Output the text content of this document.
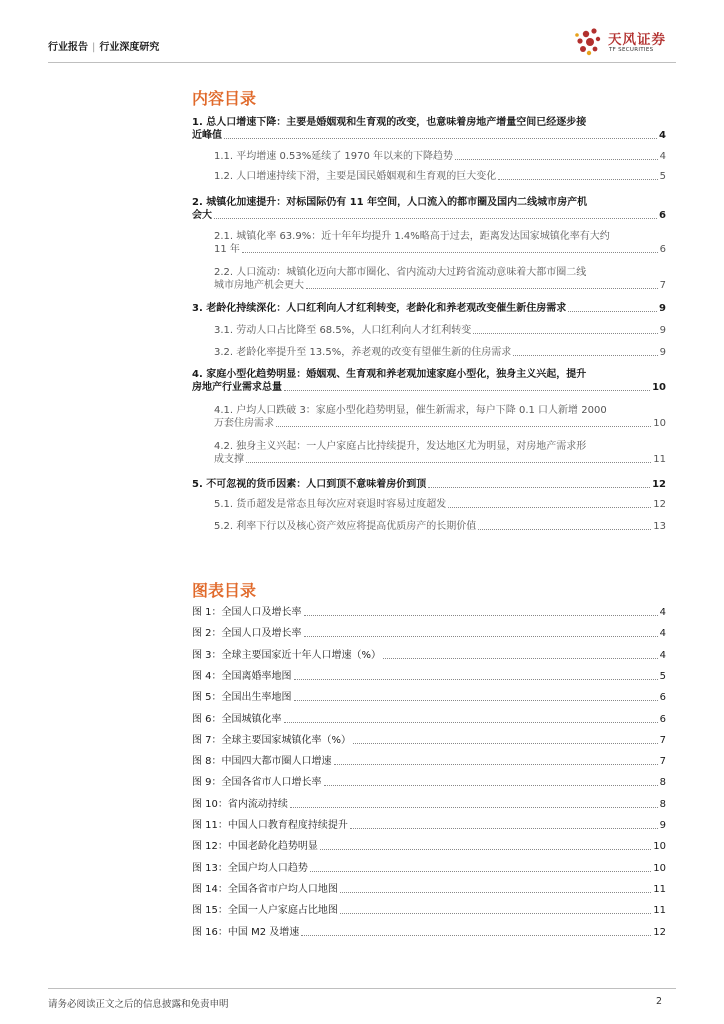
行业报告 | 行业深度研究	天风证券
TF SECURITIES
内容目录
1. 总人口增速下降：主要是婚姻观和生育观的改变，也意味着房地产增量空间已经逐步接
近峰值	4
1.1. 平均增速 0.53%延续了 1970 年以来的下降趋势	4
1.2. 人口增速持续下滑，主要是国民婚姻观和生育观的巨大变化	5
2. 城镇化加速提升：对标国际仍有 11 年空间，人口流入的都市圈及国内二线城市房产机
会大	6
2.1. 城镇化率 63.9%：近十年年均提升 1.4%略高于过去，距离发达国家城镇化率有大约
11 年	6
2.2. 人口流动：城镇化迈向大都市圈化、省内流动大过跨省流动意味着大都市圈二线
城市房地产机会更大	7
3. 老龄化持续深化：人口红利向人才红利转变，老龄化和养老观改变催生新住房需求	9
3.1. 劳动人口占比降至 68.5%，人口红利向人才红利转变	9
3.2. 老龄化率提升至 13.5%，养老观的改变有望催生新的住房需求	9
4. 家庭小型化趋势明显：婚姻观、生育观和养老观加速家庭小型化，独身主义兴起，提升
房地产行业需求总量	10
4.1. 户均人口跌破 3：家庭小型化趋势明显，催生新需求，每户下降 0.1 口人新增 2000
万套住房需求	10
4.2. 独身主义兴起：一人户家庭占比持续提升，发达地区尤为明显，对房地产需求形
成支撑	11
5. 不可忽视的货币因素：人口到顶不意味着房价到顶	12
5.1. 货币超发是常态且每次应对衰退时容易过度超发	12
5.2. 利率下行以及核心资产效应将提高优质房产的长期价值	13
图表目录
图 1：全国人口及增长率	4
图 2：全国人口及增长率	4
图 3：全球主要国家近十年人口增速（%）	4
图 4：全国离婚率地图	5
图 5：全国出生率地图	6
图 6：全国城镇化率	6
图 7：全球主要国家城镇化率（%）	7
图 8：中国四大都市圈人口增速	7
图 9：全国各省市人口增长率	8
图 10：省内流动持续	8
图 11：中国人口教育程度持续提升	9
图 12：中国老龄化趋势明显	10
图 13：全国户均人口趋势	10
图 14：全国各省市户均人口地图	11
图 15：全国一人户家庭占比地图	11
图 16：中国 M2 及增速	12
请务必阅读正文之后的信息披露和免责申明	2
